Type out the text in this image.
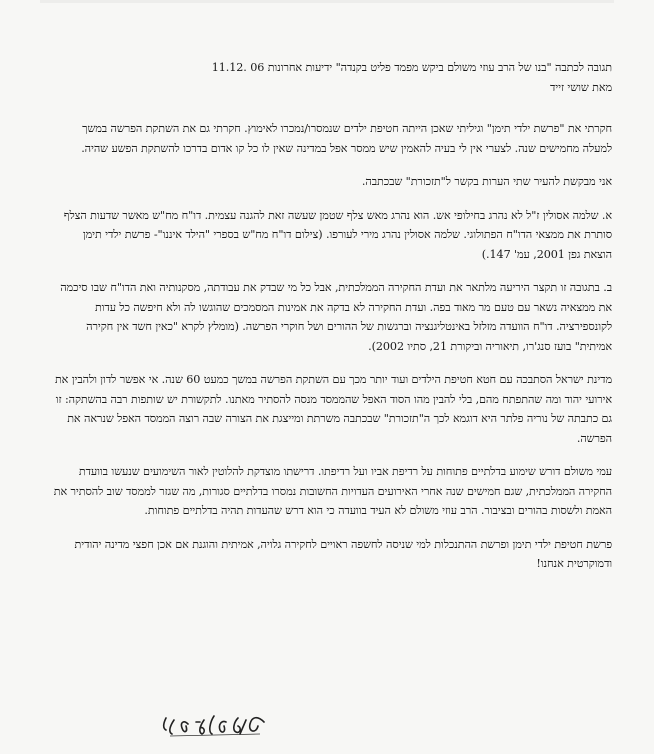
תגובה לכתבה "בנו של הרב עוזי משולם ביקש מפמד פליט בקנדה" ידיעות אחרונות 06 .11.12

מאת שושי זייד

חקרתי את "פרשת ילדי תימן" וגיליתי שאכן הייתה חטיפת ילדים שנמסרו/נמכרו לאימוץ. חקרתי גם את השתקת הפרשה במשך למעלה מחמישים שנה. לצערי אין לי בעיה להאמין שיש ממסר אפל במדינה שאין לו כל קו אדום בדרכו להשתקת הפשע שהיה.

אני מבקשת להעיר שתי הערות בקשר ל"תזכורת" שבכתבה.

א. שלמה אסולין ז"ל לא נהרג בחילופי אש. הוא נהרג מאש צלף שטמן שעשה זאת להגנה עצמית. דו"ח מח"ש מאשר שדעות הצלף סותרת את ממצאי הדו"ח הפתולוגי. שלמה אסולין נהרג מירי לעורפו. (צילום דו"ח מח"ש בספרי "הילד איננו"- פרשת ילדי תימן הוצאת גפן 2001, עמ' 147.)

ב. בתגובה זו תקצר היריעה מלתאר את ועדת החקירה הממלכתית, אבל כל מי שבדק את עבודתה, מסקנותיה ואת הדו"ח שבו סיכמה את ממצאיה נשאר עם טעם מר מאוד בפה. ועדת החקירה לא בדקה את אמינות המסמכים שהוגשו לה ולא חיפשה כל עדות לקונספירציה. דו"ח הוועדה מזלזל באינטליגנציה וברגשות של ההורים ושל חוקרי הפרשה. (מומלץ לקרא "כאין חשד אין חקירה אמיתית" בועז סנג'רו, תיאוריה וביקורת 21, סתיו 2002).

מדינת ישראל הסתבכה עם חטא חטיפת הילדים ועוד יותר מכך עם השתקת הפרשה במשך כמעט 60 שנה. אי אפשר לדון ולהבין את אירועי יהוד ומה שהתפתח מהם, בלי להבין מהו הסוד האפל שהממסד מנסה להסתיר מאתנו. לתקשורת יש שותפות רבה בהשתקה: זו גם כתבתה של נוריה פלתר היא דוגמא לכך ה"תזכורת" שבכתבה משרתת ומייצגת את הצורה שבה רוצה הממסד האפל שנראה את הפרשה.

עמי משולם דורש שימוע בדלתיים פתוחות על רדיפת אביו ועל רדיפתו. דרישתו מוצדקת להלוטין לאור השימועים שנעשו בוועדת החקירה הממלכתית, שגם חמישים שנה אחרי האירועים העדויות החשובות נמסרו בדלתיים סגורות, מה שגזר לממסד שוב להסתיר את האמת ולשסות בהורים ובציבור. הרב עוזי משולם לא העיד בוועדה כי הוא דרש שהעדות תהיה בדלתיים פתוחות.

פרשת חטיפת ילדי תימן ופרשת ההתנכלות למי שניסה לחשפה ראויים לחקירה גלויה, אמיתית והוגנת אם אכן חפצי מדינה יהודית ודמוקרטית אנחנו!
